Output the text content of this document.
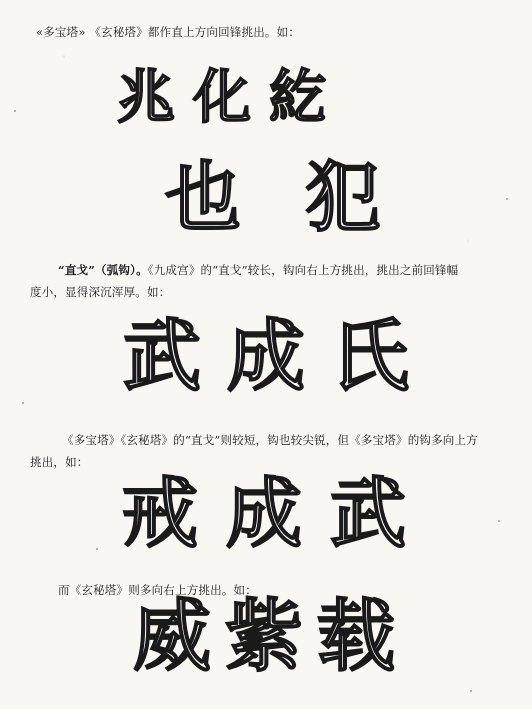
«多宝塔» 《玄秘塔》都作直上方向回锋挑出。如：
兆 化 紇
也 犯
“直戈”（弧钩）。《九成宫》的“直戈”较长，钩向右上方挑出，挑出之前回锋幅
度小，显得深沉浑厚。如：
武 成 氏
《多宝塔》《玄秘塔》的“直戈”则较短，钩也较尖锐，但《多宝塔》的钩多向上方
挑出，如：
戒 成 武
而《玄秘塔》则多向右上方挑出。如：
威 紫 载
